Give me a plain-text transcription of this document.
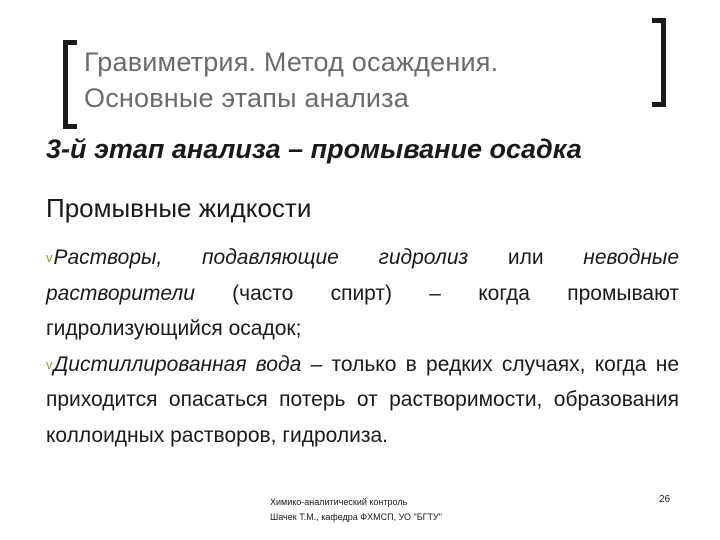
Гравиметрия. Метод осаждения.
Основные этапы анализа
3-й этап анализа – промывание осадка
Промывные жидкости

vРастворы, подавляющие гидролиз или неводные растворители (часто спирт) – когда промывают гидролизующийся осадок;

vДистиллированная вода – только в редких случаях, когда не приходится опасаться потерь от растворимости, образования коллоидных растворов, гидролиза.

Химико-аналитический контроль
Шачек Т.М., кафедра ФХМСП, УО "БГТУ"
26
